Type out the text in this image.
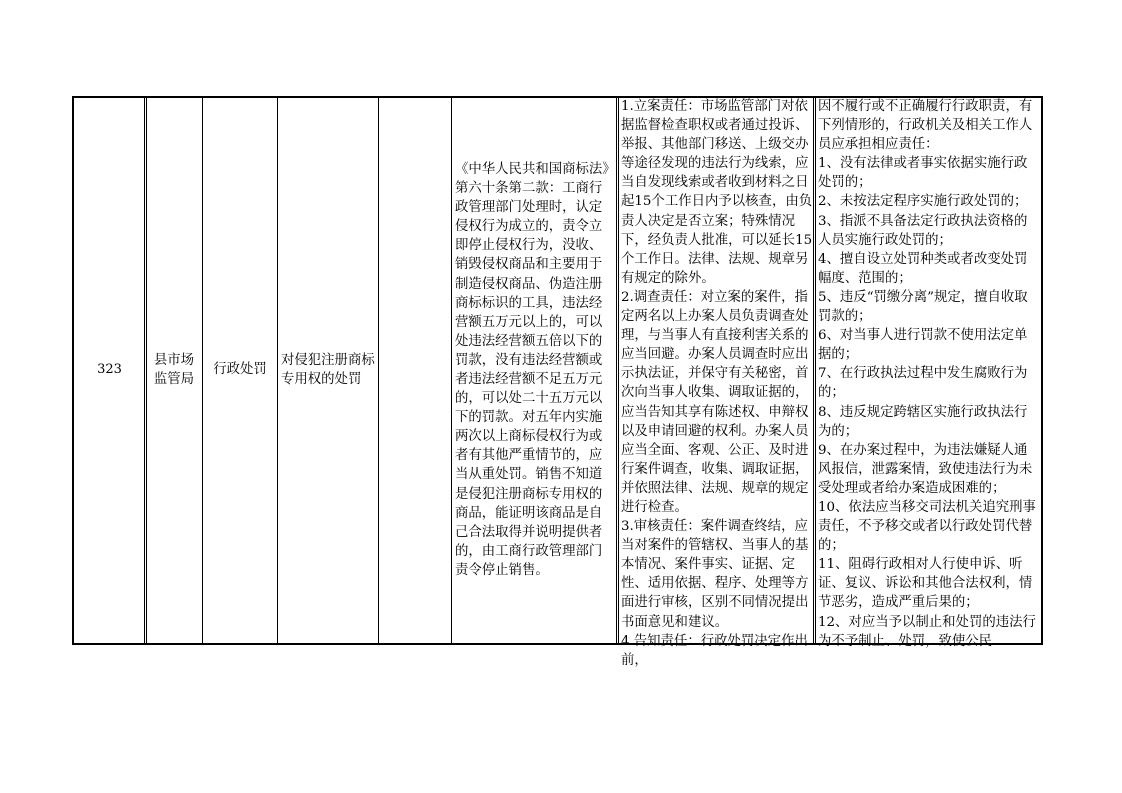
323
县市场监管局
行政处罚
对侵犯注册商标专用权的处罚

《中华人民共和国商标法》第六十条第二款：工商行政管理部门处理时，认定侵权行为成立的，责令立即停止侵权行为，没收、销毁侵权商品和主要用于制造侵权商品、伪造注册商标标识的工具，违法经营额五万元以上的，可以处违法经营额五倍以下的罚款，没有违法经营额或者违法经营额不足五万元的，可以处二十五万元以下的罚款。对五年内实施两次以上商标侵权行为或者有其他严重情节的，应当从重处罚。销售不知道是侵犯注册商标专用权的商品，能证明该商品是自己合法取得并说明提供者的，由工商行政管理部门责令停止销售。

1.立案责任：市场监管部门对依据监督检查职权或者通过投诉、举报、其他部门移送、上级交办等途径发现的违法行为线索，应当自发现线索或者收到材料之日起15个工作日内予以核查，由负责人决定是否立案；特殊情况下，经负责人批准，可以延长15个工作日。法律、法规、规章另有规定的除外。

2.调查责任：对立案的案件，指定两名以上办案人员负责调查处理，与当事人有直接利害关系的应当回避。办案人员调查时应出示执法证，并保守有关秘密，首次向当事人收集、调取证据的，应当告知其享有陈述权、申辩权以及申请回避的权利。办案人员应当全面、客观、公正、及时进行案件调查，收集、调取证据，并依照法律、法规、规章的规定进行检查。

3.审核责任：案件调查终结，应当对案件的管辖权、当事人的基本情况、案件事实、证据、定性、适用依据、程序、处理等方面进行审核，区别不同情况提出书面意见和建议。

4.告知责任：行政处罚决定作出前，

因不履行或不正确履行行政职责，有下列情形的，行政机关及相关工作人员应承担相应责任：

1、没有法律或者事实依据实施行政处罚的；

2、未按法定程序实施行政处罚的；

3、指派不具备法定行政执法资格的人员实施行政处罚的；

4、擅自设立处罚种类或者改变处罚幅度、范围的；

5、违反“罚缴分离”规定，擅自收取罚款的；

6、对当事人进行罚款不使用法定单据的；

7、在行政执法过程中发生腐败行为的；

8、违反规定跨辖区实施行政执法行为的；

9、在办案过程中，为违法嫌疑人通风报信，泄露案情，致使违法行为未受处理或者给办案造成困难的；

10、依法应当移交司法机关追究刑事责任，不予移交或者以行政处罚代替的；

11、阻碍行政相对人行使申诉、听证、复议、诉讼和其他合法权利，情节恶劣，造成严重后果的；

12、对应当予以制止和处罚的违法行为不予制止、处罚，致使公民
